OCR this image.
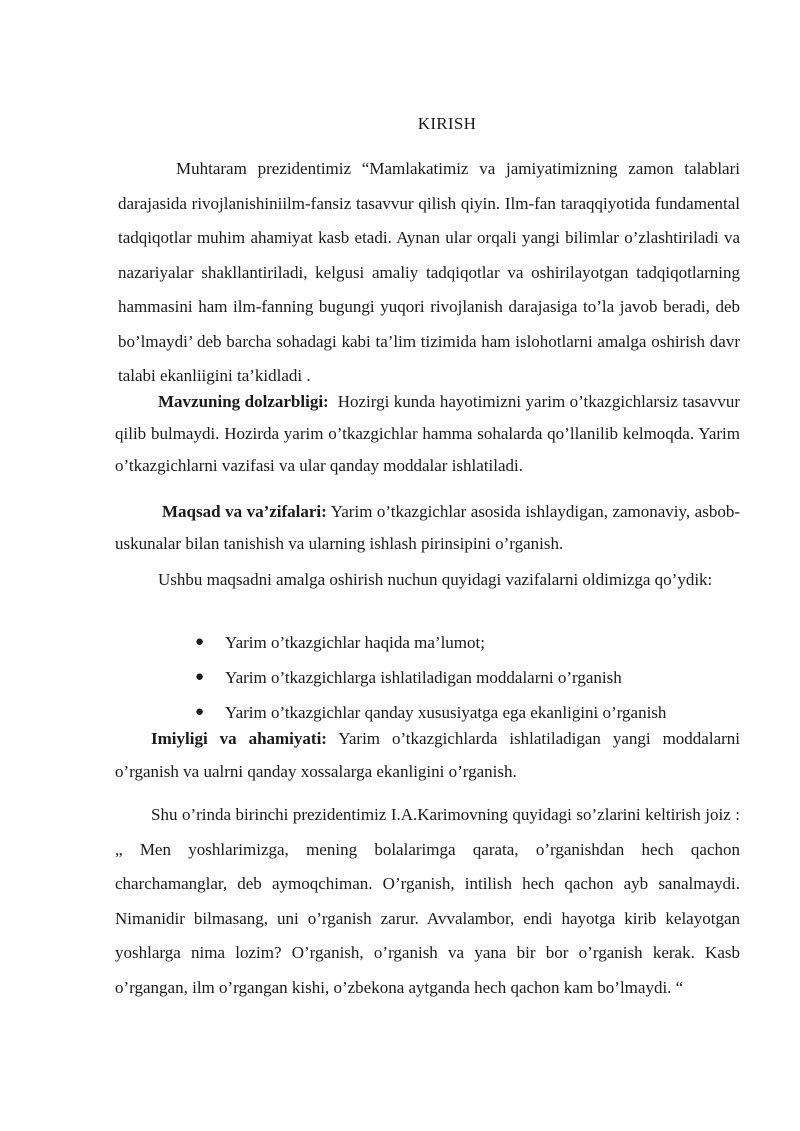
KIRISH

Muhtaram prezidentimiz “Mamlakatimiz va jamiyatimizning zamon talablari darajasida rivojlanishiniilm-fansiz tasavvur qilish qiyin. Ilm-fan taraqqiyotida fundamental tadqiqotlar muhim ahamiyat kasb etadi. Aynan ular orqali yangi bilimlar o’zlashtiriladi va nazariyalar shakllantiriladi, kelgusi amaliy tadqiqotlar va oshirilayotgan tadqiqotlarning hammasini ham ilm-fanning bugungi yuqori rivojlanish darajasiga to’la javob beradi, deb bo’lmaydi’ deb barcha sohadagi kabi ta’lim tizimida ham islohotlarni amalga oshirish davr talabi ekanliigini ta’kidladi .

Mavzuning dolzarbligi: Hozirgi kunda hayotimizni yarim o’tkazgichlarsiz tasavvur qilib bulmaydi. Hozirda yarim o’tkazgichlar hamma sohalarda qo’llanilib kelmoqda. Yarim o’tkazgichlarni vazifasi va ular qanday moddalar ishlatiladi.

Maqsad va va’zifalari: Yarim o’tkazgichlar asosida ishlaydigan, zamonaviy, asbob-uskunalar bilan tanishish va ularning ishlash pirinsipini o’rganish.

Ushbu maqsadni amalga oshirish nuchun quyidagi vazifalarni oldimizga qo’ydik:

● Yarim o’tkazgichlar haqida ma’lumot;
● Yarim o’tkazgichlarga ishlatiladigan moddalarni o’rganish
● Yarim o’tkazgichlar qanday xususiyatga ega ekanligini o’rganish

Imiyligi va ahamiyati: Yarim o’tkazgichlarda ishlatiladigan yangi moddalarni o’rganish va ualrni qanday xossalarga ekanligini o’rganish.

Shu o’rinda birinchi prezidentimiz I.A.Karimovning quyidagi so’zlarini keltirish joiz : „ Men yoshlarimizga, mening bolalarimga qarata, o’rganishdan hech qachon charchamanglar, deb aymoqchiman. O’rganish, intilish hech qachon ayb sanalmaydi. Nimanidir bilmasang, uni o’rganish zarur. Avvalambor, endi hayotga kirib kelayotgan yoshlarga nima lozim? O’rganish, o’rganish va yana bir bor o’rganish kerak. Kasb o’rgangan, ilm o’rgangan kishi, o’zbekona aytganda hech qachon kam bo’lmaydi. “
